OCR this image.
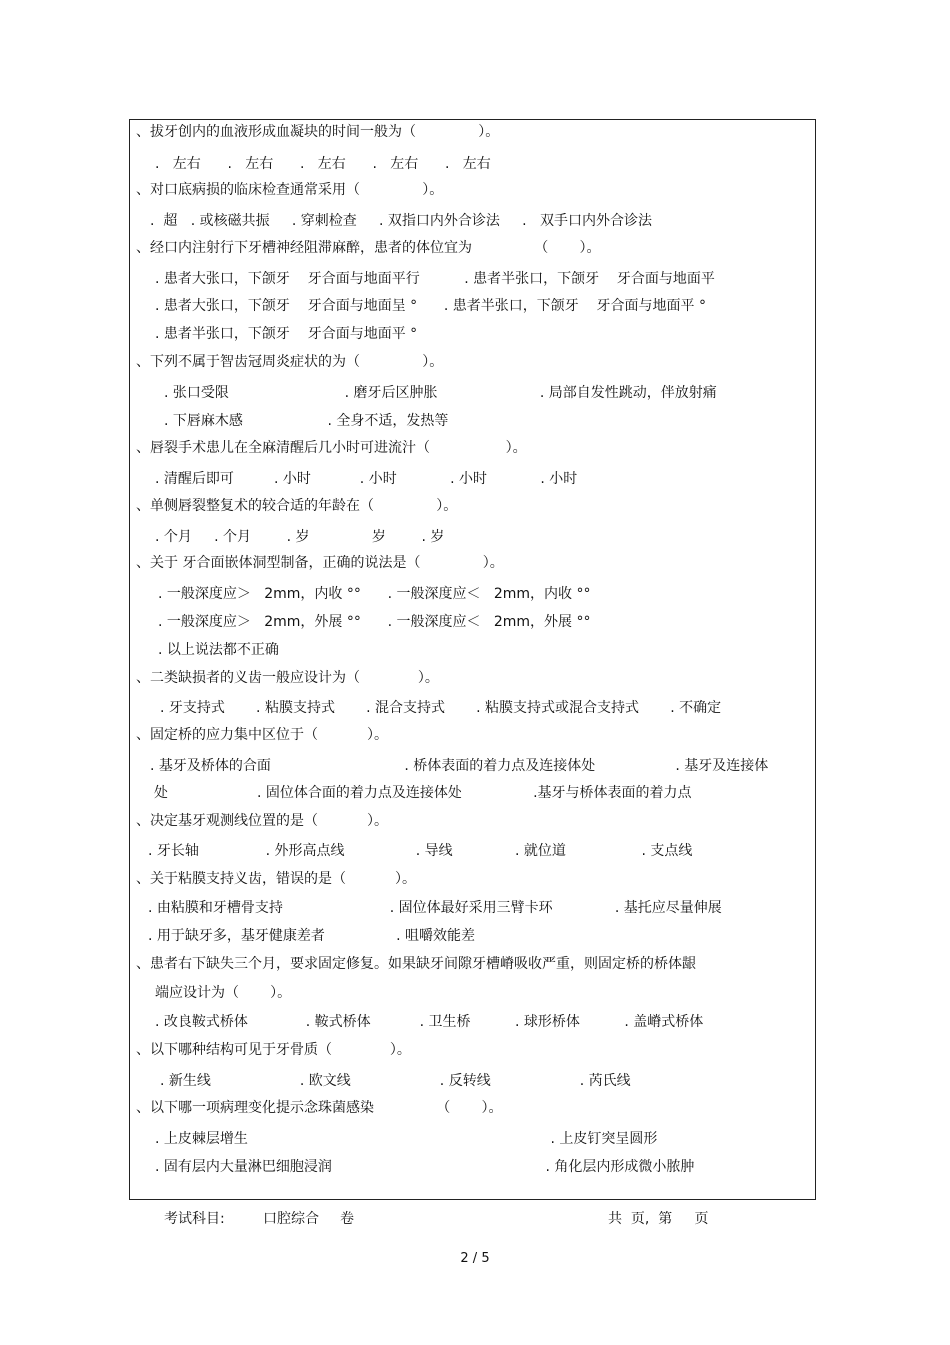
、拔牙创内的血液形成血凝块的时间一般为（              ）。
.   左右      .   左右      .   左右      .   左右      .   左右
、对口底病损的临床检查通常采用（              ）。
.  超   . 或核磁共振     . 穿刺检查     . 双指口内外合诊法     .   双手口内外合诊法
、经口内注射行下牙槽神经阻滞麻醉，患者的体位宜为              （       ）。
. 患者大张口，下颌牙    牙合面与地面平行          . 患者半张口，下颌牙    牙合面与地面平
. 患者大张口，下颌牙    牙合面与地面呈 °      . 患者半张口，下颌牙    牙合面与地面平 °
. 患者半张口，下颌牙    牙合面与地面平 °
、下列不属于智齿冠周炎症状的为（              ）。
. 张口受限                          . 磨牙后区肿胀                       . 局部自发性跳动，伴放射痛
. 下唇麻木感                   . 全身不适，发热等
、唇裂手术患儿在全麻清醒后几小时可进流汁（                 ）。
. 清醒后即可         . 小时           . 小时            . 小时            . 小时
、单侧唇裂整复术的较合适的年龄在（              ）。
. 个月     . 个月        . 岁              岁        . 岁
、关于 牙合面嵌体洞型制备，正确的说法是（              ）。
. 一般深度应＞   2mm，内收 °°      . 一般深度应＜   2mm，内收 °°
. 一般深度应＞   2mm，外展 °°      . 一般深度应＜   2mm，外展 °°
. 以上说法都不正确
、二类缺损者的义齿一般应设计为（             ）。
. 牙支持式       . 粘膜支持式       . 混合支持式       . 粘膜支持式或混合支持式       . 不确定
、固定桥的应力集中区位于（           ）。
. 基牙及桥体的合面                              . 桥体表面的着力点及连接体处                  . 基牙及连接体
处                    . 固位体合面的着力点及连接体处                .基牙与桥体表面的着力点
、决定基牙观测线位置的是（           ）。
. 牙长轴               . 外形高点线                . 导线              . 就位道                 . 支点线
、关于粘膜支持义齿，错误的是（           ）。
. 由粘膜和牙槽骨支持                        . 固位体最好采用三臂卡环              . 基托应尽量伸展
. 用于缺牙多，基牙健康差者                . 咀嚼效能差
、患者右下缺失三个月，要求固定修复。如果缺牙间隙牙槽嵴吸收严重，则固定桥的桥体龈
端应设计为（       ）。
. 改良鞍式桥体             . 鞍式桥体           . 卫生桥          . 球形桥体          . 盖嵴式桥体
、以下哪种结构可见于牙骨质（             ）。
. 新生线                    . 欧文线                    . 反转线                    . 芮氏线
、以下哪一项病理变化提示念珠菌感染              （       ）。
. 上皮棘层增生                                                                    . 上皮钉突呈圆形
. 固有层内大量淋巴细胞浸润                                                . 角化层内形成微小脓肿
考试科目:	口腔综合 卷	共  页,  第     页
2 / 5
